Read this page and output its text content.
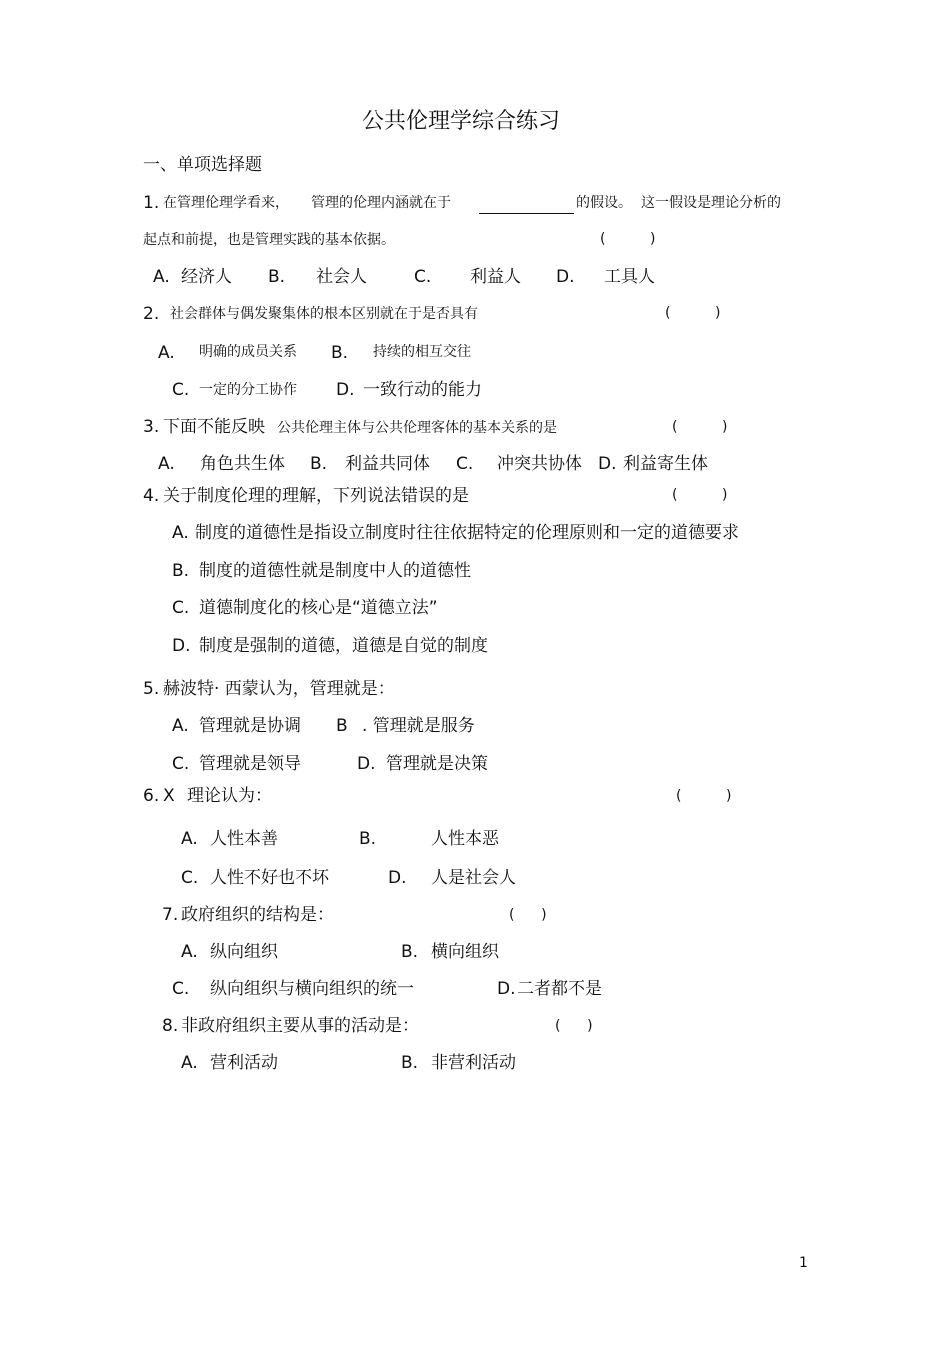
公共伦理学综合练习
一、单项选择题
1. 在管理伦理学看来， 管理的伦理内涵就在于	的假设。 这一假设是理论分析的
起点和前提，也是管理实践的基本依据。	(          )
A. 经济人 B. 社会人	C. 利益人 D. 工具人
2. 社会群体与偶发聚集体的根本区别就在于是否具有	(          )
A. 明确的成员关系 B. 持续的相互交往
C. 一定的分工协作 D. 一致行动的能力
3. 下面不能反映 公共伦理主体与公共伦理客体的基本关系的是	(          )
A. 角色共生体 B. 利益共同体 C. 冲突共协体 D. 利益寄生体
4. 关于制度伦理的理解，下列说法错误的是	(          )
A. 制度的道德性是指设立制度时往往依据特定的伦理原则和一定的道德要求
B. 制度的道德性就是制度中人的道德性
C. 道德制度化的核心是“道德立法”
D. 制度是强制的道德，道德是自觉的制度
5. 赫波特· 西蒙认为，管理就是：
A. 管理就是协调 B . 管理就是服务
C. 管理就是领导	D. 管理就是决策
6. X 理论认为：	(          )
A. 人性本善	B.	人性本恶
C. 人性不好也不坏	D. 人是社会人
7. 政府组织的结构是：	(      )
A. 纵向组织	B. 横向组织
C. 纵向组织与横向组织的统一	D. 二者都不是
8. 非政府组织主要从事的活动是：	(      )
A. 营利活动	B. 非营利活动
1
